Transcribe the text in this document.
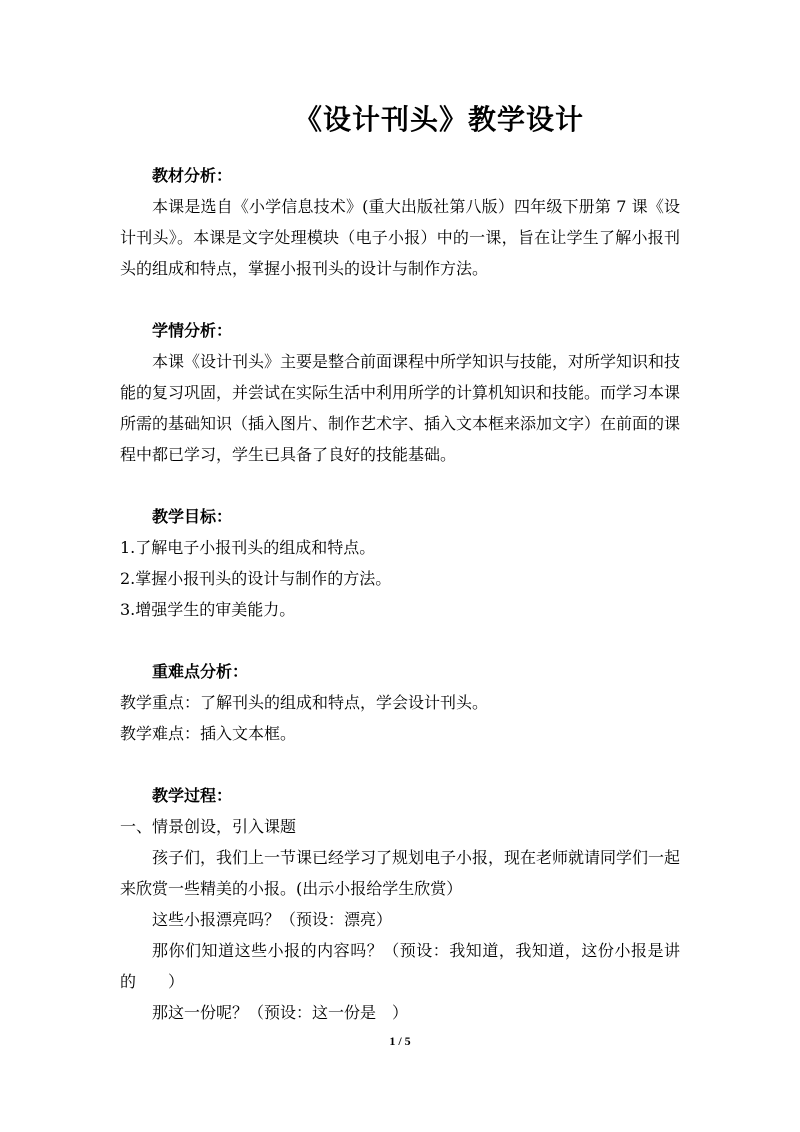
《设计刊头》教学设计
教材分析：
本课是选自《小学信息技术》(重大出版社第八版）四年级下册第 7 课《设计刊头》。本课是文字处理模块（电子小报）中的一课，旨在让学生了解小报刊头的组成和特点，掌握小报刊头的设计与制作方法。
学情分析：
本课《设计刊头》主要是整合前面课程中所学知识与技能，对所学知识和技能的复习巩固，并尝试在实际生活中利用所学的计算机知识和技能。而学习本课所需的基础知识（插入图片、制作艺术字、插入文本框来添加文字）在前面的课程中都已学习，学生已具备了良好的技能基础。
教学目标：
1.了解电子小报刊头的组成和特点。
2.掌握小报刊头的设计与制作的方法。
3.增强学生的审美能力。
重难点分析：
教学重点：了解刊头的组成和特点，学会设计刊头。
教学难点：插入文本框。
教学过程：
一、情景创设，引入课题
孩子们，我们上一节课已经学习了规划电子小报，现在老师就请同学们一起来欣赏一些精美的小报。(出示小报给学生欣赏）
这些小报漂亮吗？（预设：漂亮）
那你们知道这些小报的内容吗？（预设：我知道，我知道，这份小报是讲的　　）
那这一份呢？（预设：这一份是　）
1 / 5
